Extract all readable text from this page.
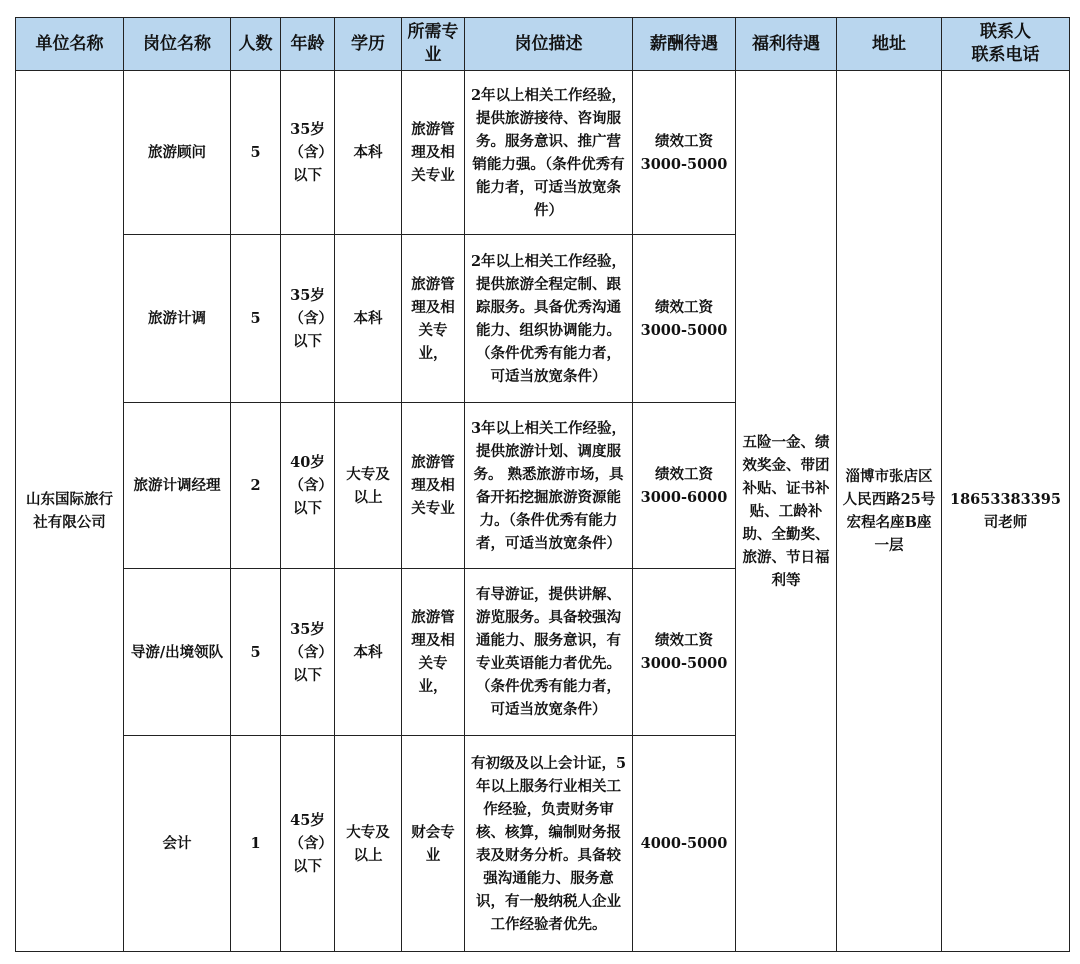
单位名称	岗位名称	人数	年龄	学历	所需专业	岗位描述	薪酬待遇	福利待遇	地址	联系人
联系电话

山东国际旅行社有限公司	旅游顾问	5	35岁（含）以下	本科	旅游管理及相关专业	2年以上相关工作经验，提供旅游接待、咨询服务。服务意识、推广营销能力强。（条件优秀有能力者，可适当放宽条件）	绩效工资
3000-5000	五险一金、绩效奖金、带团补贴、证书补贴、工龄补助、全勤奖、旅游、节日福利等	淄博市张店区人民西路25号宏程名座B座一层	18653383395
司老师

	旅游计调	5	35岁（含）以下	本科	旅游管理及相关专业，	2年以上相关工作经验，提供旅游全程定制、跟踪服务。具备优秀沟通能力、组织协调能力。（条件优秀有能力者，可适当放宽条件）	绩效工资
3000-5000			

	旅游计调经理	2	40岁（含）以下	大专及以上	旅游管理及相关专业	3年以上相关工作经验，提供旅游计划、调度服务。 熟悉旅游市场，具备开拓挖掘旅游资源能力。（条件优秀有能力者，可适当放宽条件）	绩效工资
3000-6000			

	导游/出境领队	5	35岁（含）以下	本科	旅游管理及相关专业，	有导游证，提供讲解、游览服务。具备较强沟通能力、服务意识，有专业英语能力者优先。（条件优秀有能力者，可适当放宽条件）	绩效工资
3000-5000			

	会计	1	45岁（含）以下	大专及以上	财会专业	有初级及以上会计证，5年以上服务行业相关工作经验，负责财务审核、核算，编制财务报表及财务分析。具备较强沟通能力、服务意识，有一般纳税人企业工作经验者优先。	4000-5000			
